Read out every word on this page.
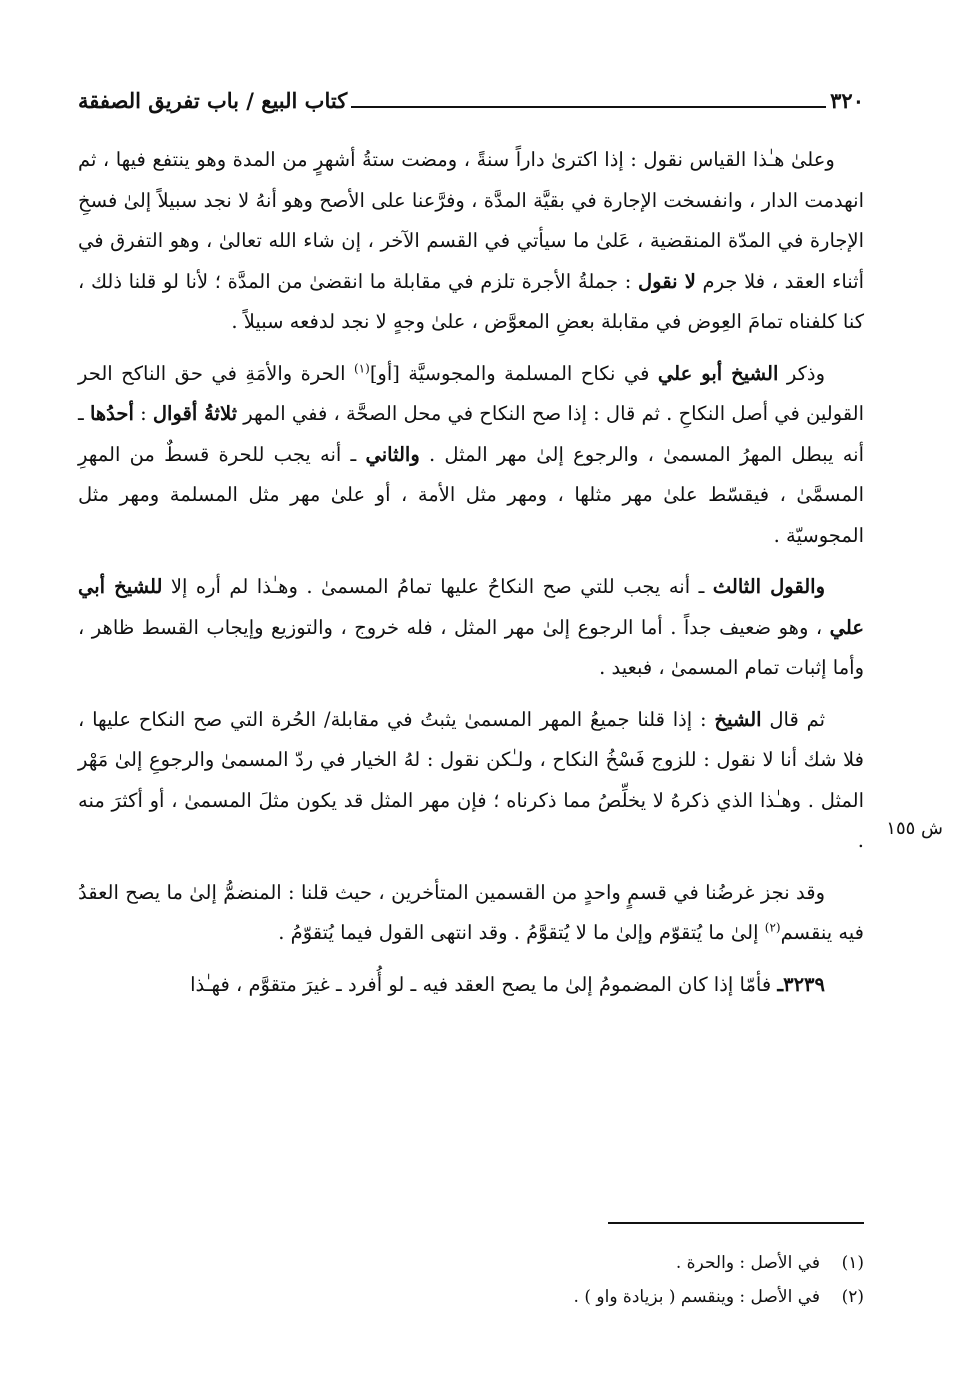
٣٢٠
كتاب البيع / باب تفريق الصفقة
ش ١٥٥

وعلىٰ هـٰذا القياس نقول : إذا اكترىٰ داراً سنةً ، ومضت ستةُ أشهرٍ من المدة وهو ينتفع فيها ، ثم انهدمت الدار ، وانفسخت الإجارة في بقيَّة المدَّة ، وفرَّعنا على الأصح وهو أنهُ لا نجد سبيلاً إلىٰ فسخِ الإجارة في المدّة المنقضية ، عَلىٰ ما سيأتي في القسم الآخر ، إن شاء الله تعالىٰ ، وهو التفرق في أثناء العقد ، فلا جرم لا نقول : جملةُ الأجرة تلزم في مقابلة ما انقضىٰ من المدَّة ؛ لأنا لو قلنا ذلك ، كنا كلفناه تمامَ العِوض في مقابلة بعضِ المعوَّض ، علىٰ وجهٍ لا نجد لدفعه سبيلاً .

وذكر الشيخ أبو علي في نكاح المسلمة والمجوسيَّة [أو]$^{(١)}$ الحرة والأمَةِ في حق الناكح الحر القولين في أصل النكاحِ . ثم قال : إذا صح النكاح في محل الصحَّة ، ففي المهر ثلاثةُ أقوال : أحدُها ـ أنه يبطل المهرُ المسمىٰ ، والرجوع إلىٰ مهر المثل . والثاني ـ أنه يجب للحرة قسطٌ من المهرِ المسمَّىٰ ، فيقسّط علىٰ مهر مثلها ، ومهر مثل الأمة ، أو علىٰ مهر مثل المسلمة ومهر مثل المجوسيّة .

والقول الثالث ـ أنه يجب للتي صح النكاحُ عليها تمامُ المسمىٰ . وهـٰذا لم أره إلا للشيخ أبي علي ، وهو ضعيف جداً . أما الرجوع إلىٰ مهر المثل ، فله خروج ، والتوزيع وإيجاب القسط ظاهر ، وأما إثبات تمام المسمىٰ ، فبعيد .

ثم قال الشيخ : إذا قلنا جميعُ المهر المسمىٰ يثبتُ في مقابلة/ الحُرة التي صح النكاح عليها ، فلا شك أنا لا نقول : للزوج فَسْخُ النكاح ، ولـٰكن نقول : لهُ الخيار في ردّ المسمىٰ والرجوعِ إلىٰ مَهْر المثل . وهـٰذا الذي ذكرهُ لا يخلِّصُ مما ذكرناه ؛ فإن مهر المثل قد يكون مثلَ المسمىٰ ، أو أكثرَ منه .

وقد نجز غرضُنا في قسمٍ واحدٍ من القسمين المتأخرين ، حيث قلنا : المنضمُّ إلىٰ ما يصح العقدُ فيه ينقسم$^{(٢)}$ إلىٰ ما يُتقوّم وإلىٰ ما لا يُتقوَّمُ . وقد انتهى القول فيما يُتقوّمُ .

٣٢٣٩ـ فأمّا إذا كان المضمومُ إلىٰ ما يصح العقد فيه ـ لو أُفرد ـ غيرَ متقوَّم ، فهـٰذا

(١)في الأصل : والحرة .
(٢)في الأصل : وينقسم ( بزيادة واو ) .
